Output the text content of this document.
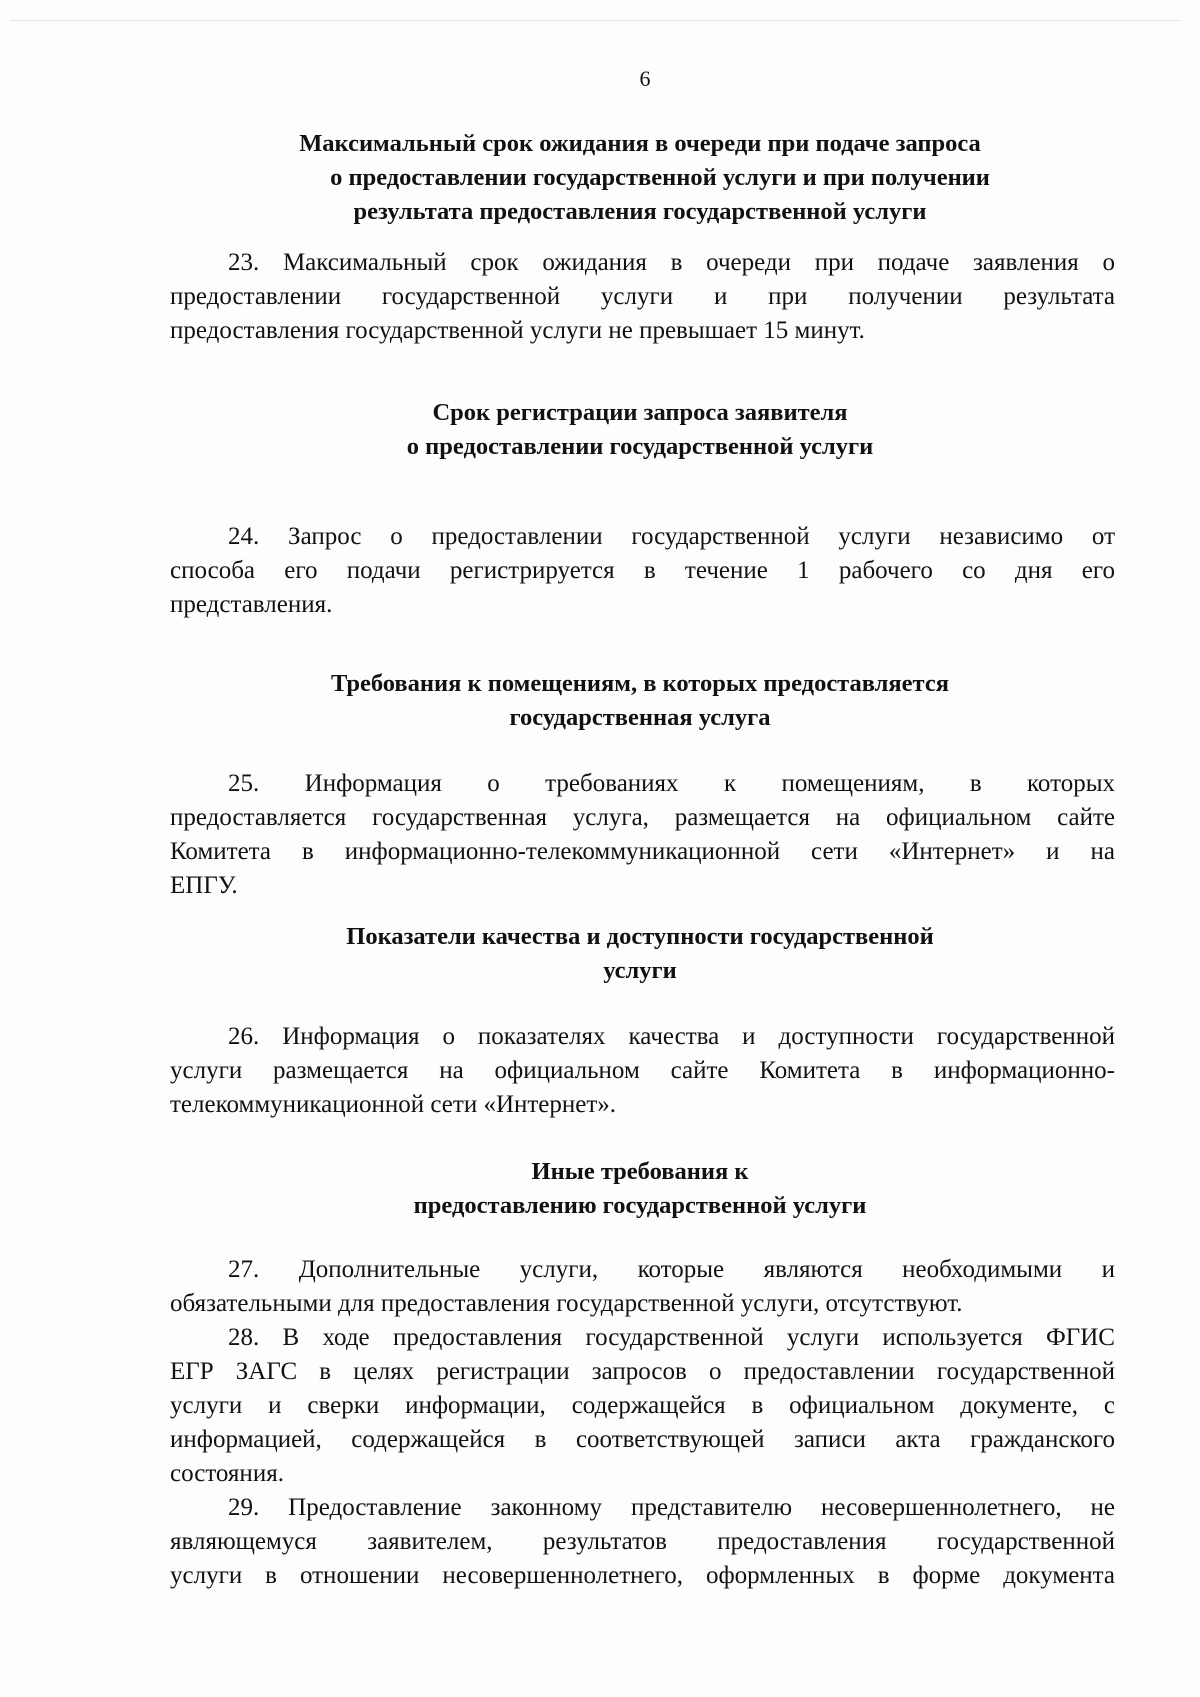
6
Максимальный срок ожидания в очереди при подаче запроса
о предоставлении государственной услуги и при получении
результата предоставления государственной услуги
23. Максимальный срок ожидания в очереди при подаче заявления о
предоставлении государственной услуги и при получении результата
предоставления государственной услуги не превышает 15 минут.
Срок регистрации запроса заявителя
о предоставлении государственной услуги
24. Запрос о предоставлении государственной услуги независимо от
способа его подачи регистрируется в течение 1 рабочего со дня его
представления.
Требования к помещениям, в которых предоставляется
государственная услуга
25. Информация о требованиях к помещениям, в которых
предоставляется государственная услуга, размещается на официальном сайте
Комитета в информационно-телекоммуникационной сети «Интернет» и на
ЕПГУ.
Показатели качества и доступности государственной
услуги
26. Информация о показателях качества и доступности государственной
услуги размещается на официальном сайте Комитета в информационно-
телекоммуникационной сети «Интернет».
Иные требования к
предоставлению государственной услуги
27. Дополнительные услуги, которые являются необходимыми и
обязательными для предоставления государственной услуги, отсутствуют.
28. В ходе предоставления государственной услуги используется ФГИС
ЕГР ЗАГС в целях регистрации запросов о предоставлении государственной
услуги и сверки информации, содержащейся в официальном документе, с
информацией, содержащейся в соответствующей записи акта гражданского
состояния.
29. Предоставление законному представителю несовершеннолетнего, не
являющемуся заявителем, результатов предоставления государственной
услуги в отношении несовершеннолетнего, оформленных в форме документа
